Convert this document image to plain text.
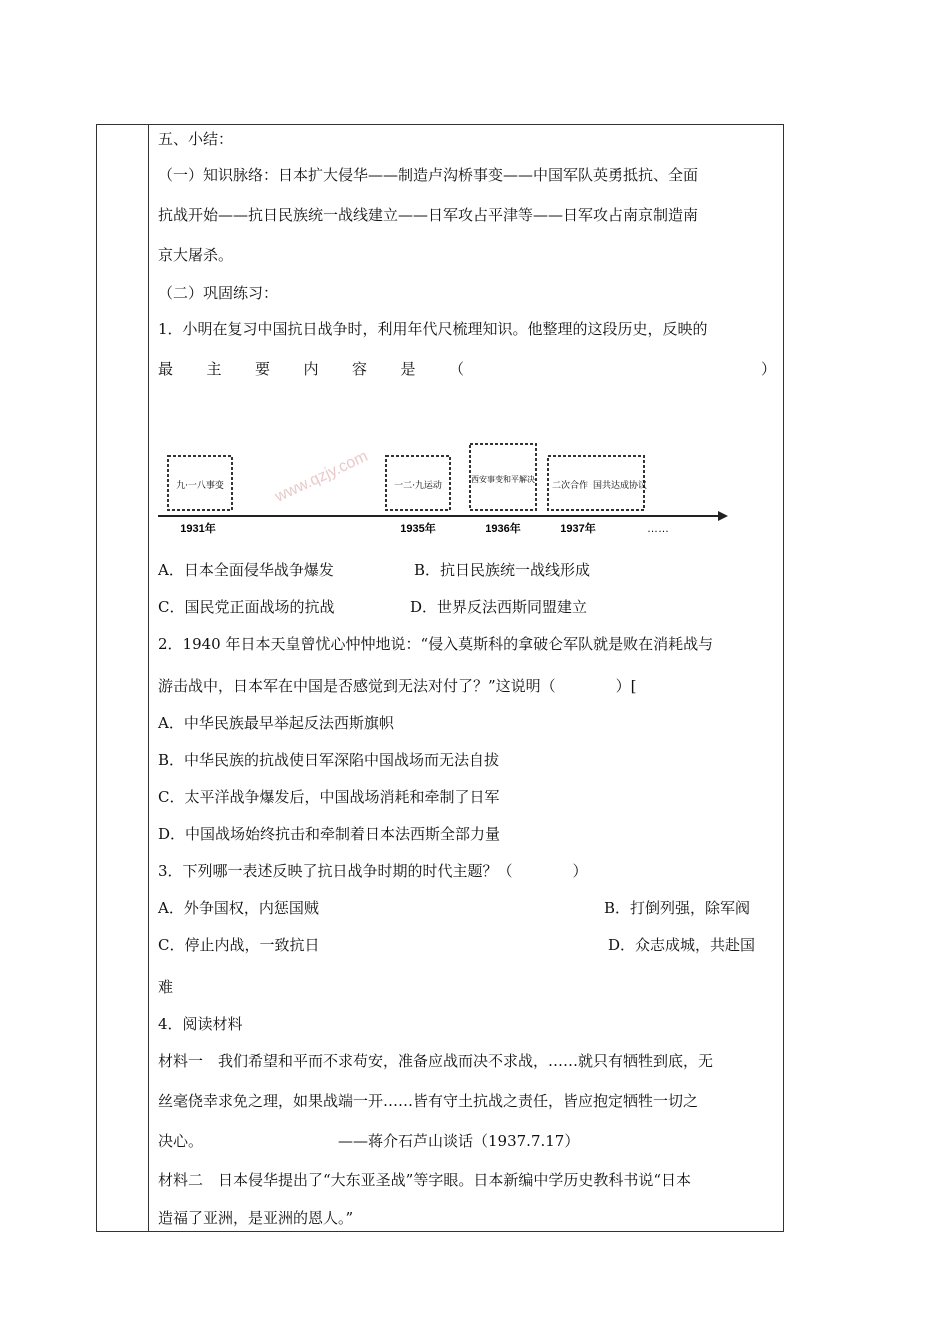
五、小结：
（一）知识脉络：日本扩大侵华——制造卢沟桥事变——中国军队英勇抵抗、全面
抗战开始——抗日民族统一战线建立——日军攻占平津等——日军攻占南京制造南
京大屠杀。
（二）巩固练习：
1．小明在复习中国抗日战争时，利用年代尺梳理知识。他整理的这段历史，反映的
最 主 要 内 容 是 （	）
www.qzjy.com
九·一八事变	一二·九运动
西安事变和平解决
二次合作 国共达成协议
1931年	1935年	1936年	1937年	……
A．日本全面侵华战争爆发	B．抗日民族统一战线形成
C．国民党正面战场的抗战	D．世界反法西斯同盟建立
2．1940 年日本天皇曾忧心忡忡地说：“侵入莫斯科的拿破仑军队就是败在消耗战与
游击战中，日本军在中国是否感觉到无法对付了？”这说明（　　　　）[
A．中华民族最早举起反法西斯旗帜
B．中华民族的抗战使日军深陷中国战场而无法自拔
C．太平洋战争爆发后，中国战场消耗和牵制了日军
D．中国战场始终抗击和牵制着日本法西斯全部力量
3．下列哪一表述反映了抗日战争时期的时代主题？（　　　　）
A．外争国权，内惩国贼	B．打倒列强，除军阀
C．停止内战，一致抗日	D．众志成城，共赴国
难
4．阅读材料
材料一　我们希望和平而不求苟安，准备应战而决不求战，……就只有牺牲到底，无
丝毫侥幸求免之理，如果战端一开……皆有守土抗战之责任，皆应抱定牺牲一切之
决心。	——蒋介石芦山谈话（1937.7.17）
材料二　日本侵华提出了“大东亚圣战”等字眼。日本新编中学历史教科书说“日本
造福了亚洲，是亚洲的恩人。”
